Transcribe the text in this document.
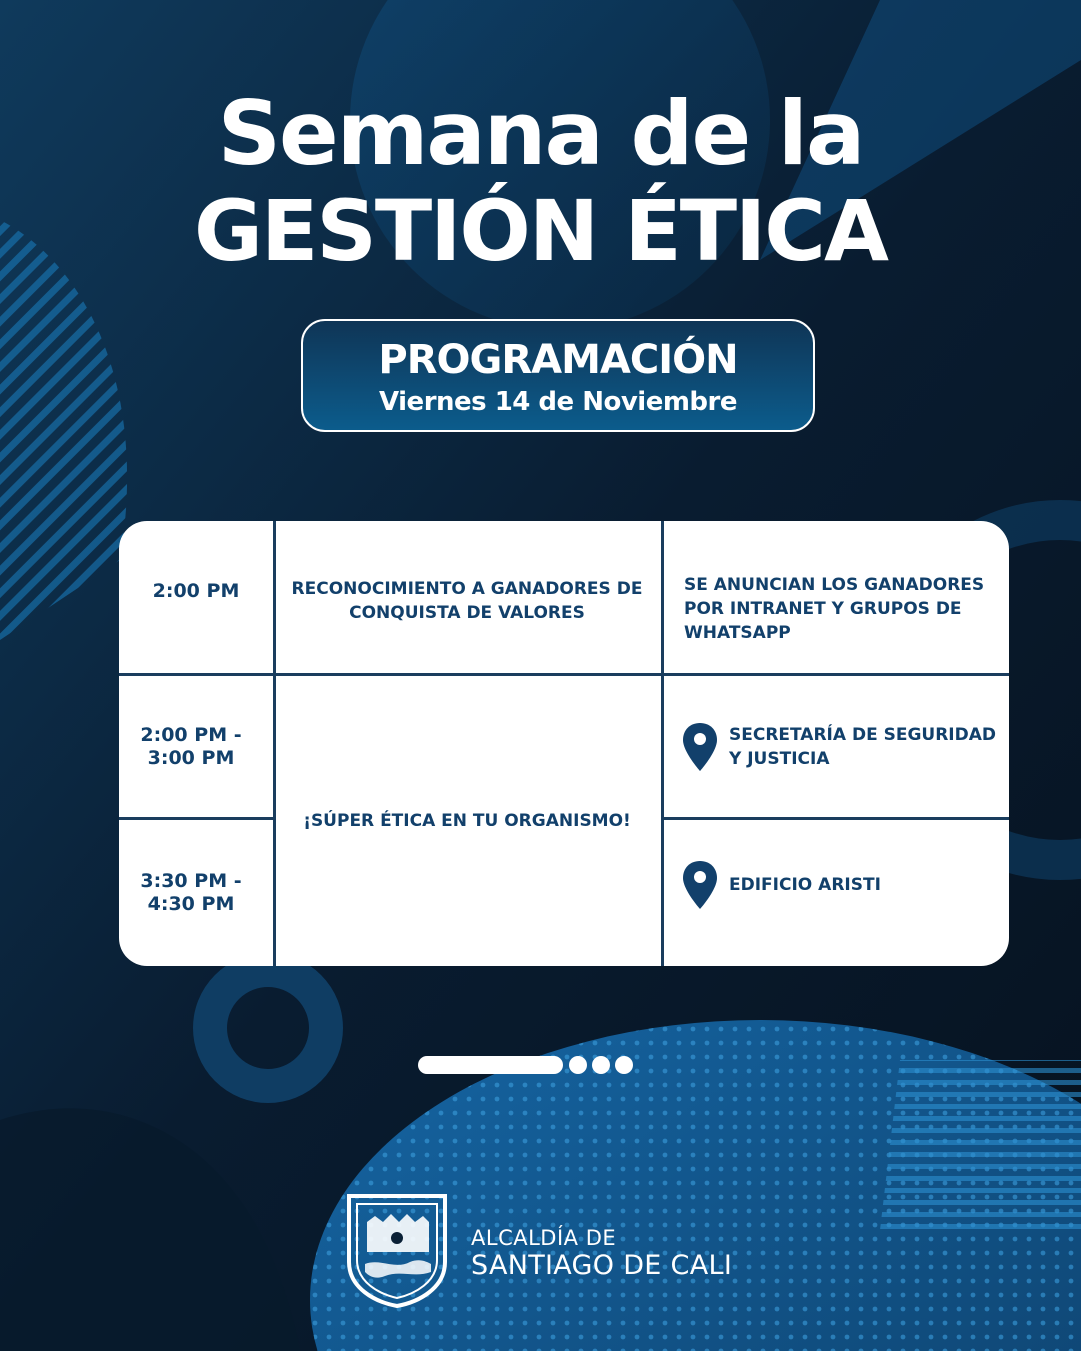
Semana de la
GESTIÓN ÉTICA
PROGRAMACIÓN
Viernes 14 de Noviembre
2:00 PM	RECONOCIMIENTO A GANADORES DE CONQUISTA DE VALORES
SE ANUNCIAN LOS GANADORES POR INTRANET Y GRUPOS DE WHATSAPP
¡SÚPER ÉTICA EN TU ORGANISMO!
2:00 PM - 3:00 PM
SECRETARÍA DE SEGURIDAD Y JUSTICIA
3:30 PM - 4:30 PM
EDIFICIO ARISTI
ALCALDÍA DE
SANTIAGO DE CALI
